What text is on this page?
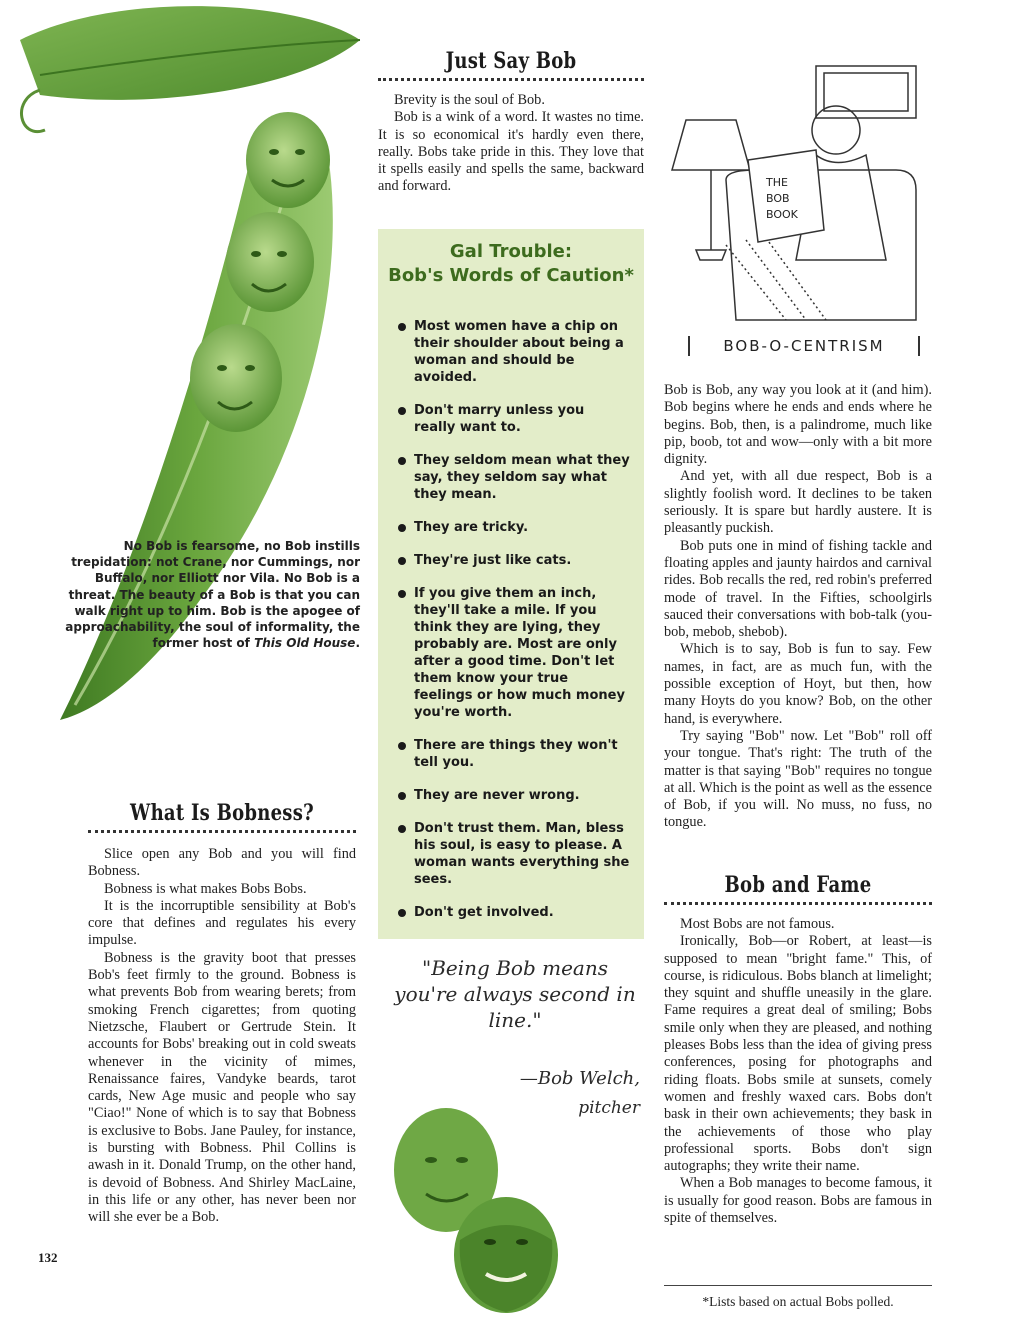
No Bob is fearsome, no Bob instills trepidation: not Crane, nor Cummings, nor Buffalo, nor Elliott nor Vila. No Bob is a threat. The beauty of a Bob is that you can walk right up to him. Bob is the apogee of approachability, the soul of informality, the former host of This Old House.
Just Say Bob

Brevity is the soul of Bob.

Bob is a wink of a word. It wastes no time. It is so economical it's hardly even there, really. Bobs take pride in this. They love that it spells easily and spells the same, backward and forward.

Gal Trouble:
Bob's Words of Caution*
Most women have a chip on their shoulder about being a woman and should be avoided.
Don't marry unless you really want to.
They seldom mean what they say, they seldom say what they mean.
They are tricky.
They're just like cats.
If you give them an inch, they'll take a mile. If you think they are lying, they probably are. Most are only after a good time. Don't let them know your true feelings or how much money you're worth.
There are things they won't tell you.
They are never wrong.
Don't trust them. Man, bless his soul, is easy to please. A woman wants everything she sees.
Don't get involved.
"Being Bob means you're always second in line."
—Bob Welch,
pitcher
THE
BOB
BOOK
BOB-O-CENTRISM

Bob is Bob, any way you look at it (and him). Bob begins where he ends and ends where he begins. Bob, then, is a palindrome, much like pip, boob, tot and wow—only with a bit more dignity.

And yet, with all due respect, Bob is a slightly foolish word. It declines to be taken seriously. It is spare but hardly austere. It is pleasantly puckish.

Bob puts one in mind of fishing tackle and floating apples and jaunty hairdos and carnival rides. Bob recalls the red, red robin's preferred mode of travel. In the Fifties, schoolgirls sauced their conversations with bob-talk (you-bob, mebob, shebob).

Which is to say, Bob is fun to say. Few names, in fact, are as much fun, with the possible exception of Hoyt, but then, how many Hoyts do you know? Bob, on the other hand, is everywhere.

Try saying "Bob" now. Let "Bob" roll off your tongue. That's right: The truth of the matter is that saying "Bob" requires no tongue at all. Which is the point as well as the essence of Bob, if you will. No muss, no fuss, no tongue.

Bob and Fame

Most Bobs are not famous.

Ironically, Bob—or Robert, at least—is supposed to mean "bright fame." This, of course, is ridiculous. Bobs blanch at limelight; they squint and shuffle uneasily in the glare. Fame requires a great deal of smiling; Bobs smile only when they are pleased, and nothing pleases Bobs less than the idea of giving press conferences, posing for photographs and riding floats. Bobs smile at sunsets, comely women and freshly waxed cars. Bobs don't bask in their own achievements; they bask in the achievements of those who play professional sports. Bobs don't sign autographs; they write their name.

When a Bob manages to become famous, it is usually for good reason. Bobs are famous in spite of themselves.

What Is Bobness?

Slice open any Bob and you will find Bobness.

Bobness is what makes Bobs Bobs.

It is the incorruptible sensibility at Bob's core that defines and regulates his every impulse.

Bobness is the gravity boot that presses Bob's feet firmly to the ground. Bobness is what prevents Bob from wearing berets; from smoking French cigarettes; from quoting Nietzsche, Flaubert or Gertrude Stein. It accounts for Bobs' breaking out in cold sweats whenever in the vicinity of mimes, Renaissance faires, Vandyke beards, tarot cards, New Age music and people who say "Ciao!" None of which is to say that Bobness is exclusive to Bobs. Jane Pauley, for instance, is bursting with Bobness. Phil Collins is awash in it. Donald Trump, on the other hand, is devoid of Bobness. And Shirley MacLaine, in this life or any other, has never been nor will she ever be a Bob.

132
*Lists based on actual Bobs polled.
